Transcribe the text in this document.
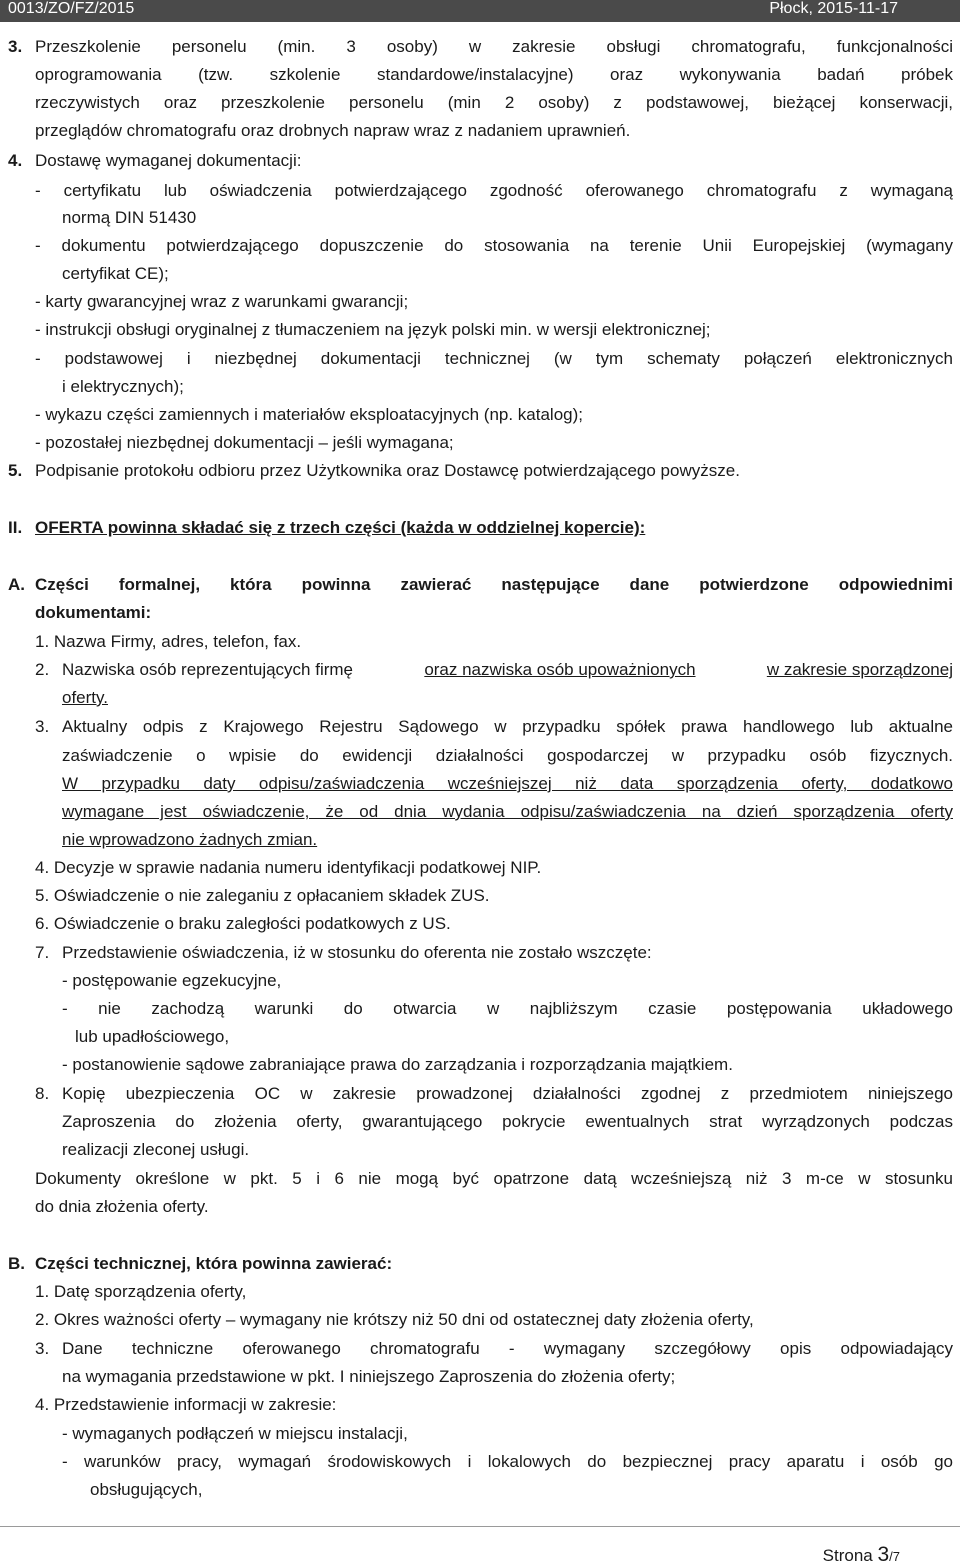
0013/ZO/FZ/2015	Płock, 2015-11-17
3. Przeszkolenie personelu (min. 3 osoby) w zakresie obsługi chromatografu, funkcjonalności
oprogramowania (tzw. szkolenie standardowe/instalacyjne) oraz wykonywania badań próbek
rzeczywistych oraz przeszkolenie personelu (min 2 osoby) z podstawowej, bieżącej konserwacji,
przeglądów chromatografu oraz drobnych napraw wraz z nadaniem uprawnień.
4. Dostawę wymaganej dokumentacji:
- certyfikatu lub oświadczenia potwierdzającego zgodność oferowanego chromatografu z wymaganą
normą DIN 51430
- dokumentu potwierdzającego dopuszczenie do stosowania na terenie Unii Europejskiej (wymagany
certyfikat CE);
- karty gwarancyjnej wraz z warunkami gwarancji;
- instrukcji obsługi oryginalnej z tłumaczeniem na język polski min. w wersji elektronicznej;
- podstawowej i niezbędnej dokumentacji technicznej (w tym schematy połączeń elektronicznych
i elektrycznych);
- wykazu części zamiennych i materiałów eksploatacyjnych (np. katalog);
- pozostałej niezbędnej dokumentacji – jeśli wymagana;
5. Podpisanie protokołu odbioru przez Użytkownika oraz Dostawcę potwierdzającego powyższe.
II. OFERTA powinna składać się z trzech części (każda w oddzielnej kopercie):
A. Części formalnej, która powinna zawierać następujące dane potwierdzone odpowiednimi
dokumentami:
1. Nazwa Firmy, adres, telefon, fax.
2. Nazwiska osób reprezentujących firmę	oraz nazwiska osób upoważnionych	w zakresie sporządzonej
oferty.
3. Aktualny odpis z Krajowego Rejestru Sądowego w przypadku spółek prawa handlowego lub aktualne
zaświadczenie o wpisie do ewidencji działalności gospodarczej w przypadku osób fizycznych.
W przypadku daty odpisu/zaświadczenia wcześniejszej niż data sporządzenia oferty, dodatkowo
wymagane jest oświadczenie, że od dnia wydania odpisu/zaświadczenia na dzień sporządzenia oferty
nie wprowadzono żadnych zmian.
4. Decyzje w sprawie nadania numeru identyfikacji podatkowej NIP.
5. Oświadczenie o nie zaleganiu z opłacaniem składek ZUS.
6. Oświadczenie o braku zaległości podatkowych z US.
7. Przedstawienie oświadczenia, iż w stosunku do oferenta nie zostało wszczęte:
- postępowanie egzekucyjne,
- nie zachodzą warunki do otwarcia w najbliższym czasie postępowania układowego
lub upadłościowego,
- postanowienie sądowe zabraniające prawa do zarządzania i rozporządzania majątkiem.
8. Kopię ubezpieczenia OC w zakresie prowadzonej działalności zgodnej z przedmiotem niniejszego
Zaproszenia do złożenia oferty, gwarantującego pokrycie ewentualnych strat wyrządzonych podczas
realizacji zleconej usługi.
Dokumenty określone w pkt. 5 i 6 nie mogą być opatrzone datą wcześniejszą niż 3 m-ce w stosunku
do dnia złożenia oferty.
B. Części technicznej, która powinna zawierać:
1. Datę sporządzenia oferty,
2. Okres ważności oferty – wymagany nie krótszy niż 50 dni od ostatecznej daty złożenia oferty,
3. Dane techniczne oferowanego chromatografu - wymagany szczegółowy opis odpowiadający
na wymagania przedstawione w pkt. I niniejszego Zaproszenia do złożenia oferty;
4. Przedstawienie informacji w zakresie:
- wymaganych podłączeń w miejscu instalacji,
- warunków pracy, wymagań środowiskowych i lokalowych do bezpiecznej pracy aparatu i osób go
obsługujących,
Strona 3/7
